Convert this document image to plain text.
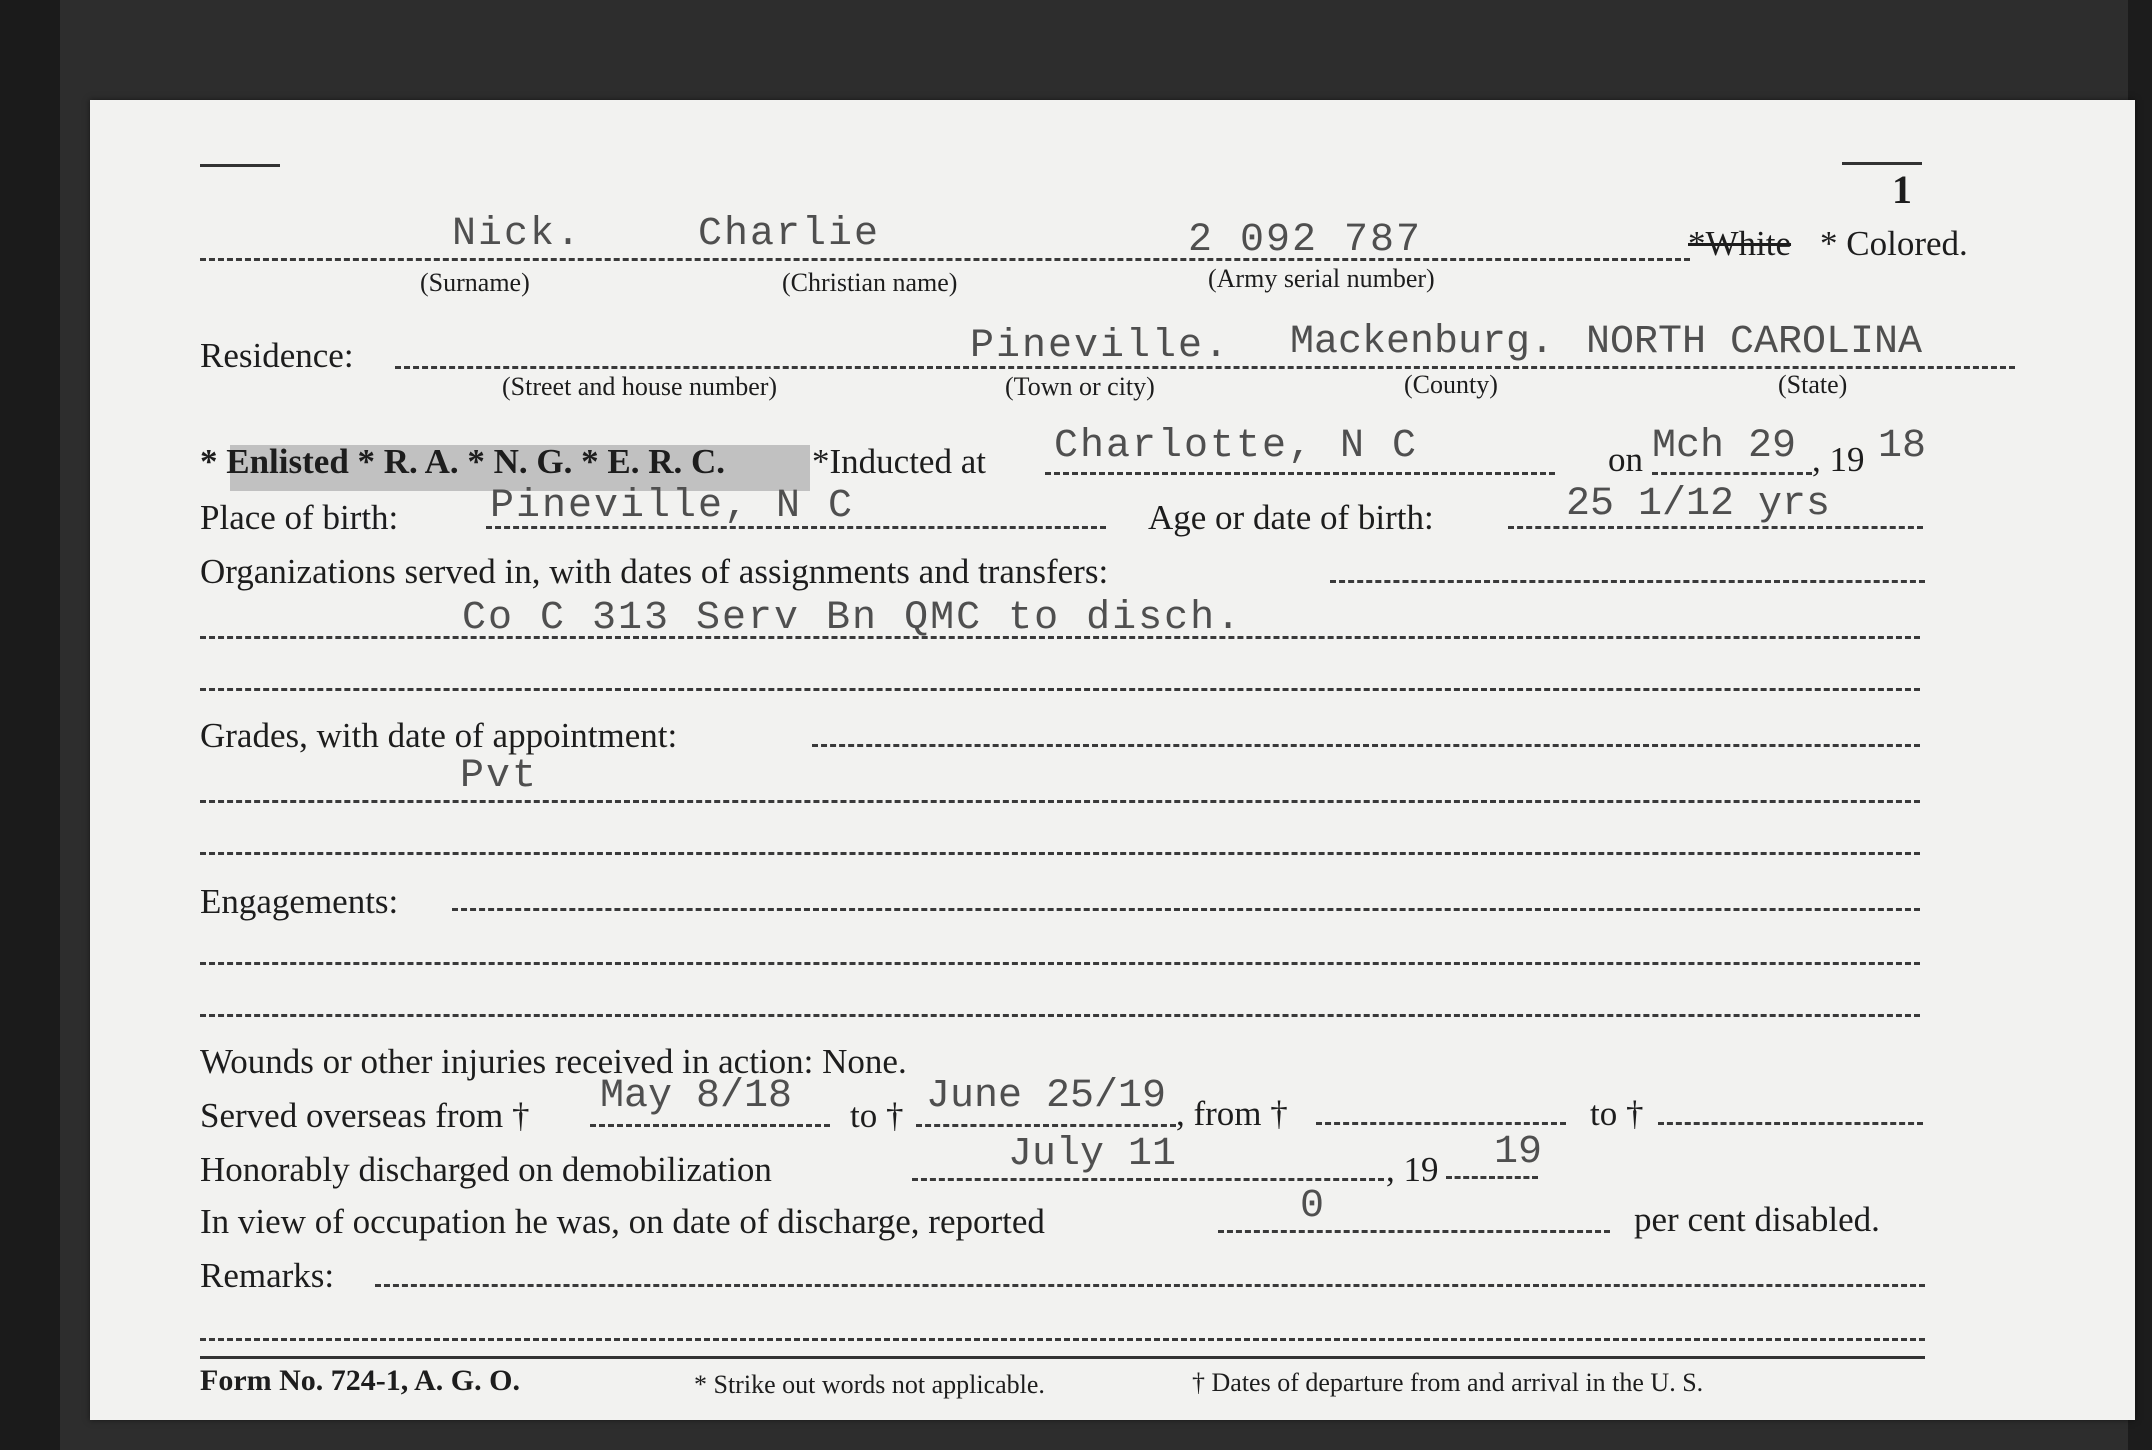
1
Nick.	Charlie	2 092 787	*White * Colored.
(Surname)	(Christian name)	(Army serial number)
Residence:	Pineville. Mackenburg. NORTH CAROLINA
(Street and house number)	(Town or city)	(County)	(State)
* Enlisted * R. A. * N. G. * E. R. C. *Inducted at Charlotte, N C	on Mch 29 , 19 18
Place of birth: Pineville, N C	Age or date of birth:	25 1/12 yrs
Organizations served in, with dates of assignments and transfers:
Co C 313 Serv Bn QMC to disch.
Grades, with date of appointment:
Pvt
Engagements:
Wounds or other injuries received in action: None.
Served overseas from † May 8/18 to † June 25/19 , from †	to †
Honorably discharged on demobilization	July 11	, 19 19
In view of occupation he was, on date of discharge, reported	0	per cent disabled.
Remarks:
Form No. 724-1, A. G. O.	* Strike out words not applicable.	† Dates of departure from and arrival in the U. S.
